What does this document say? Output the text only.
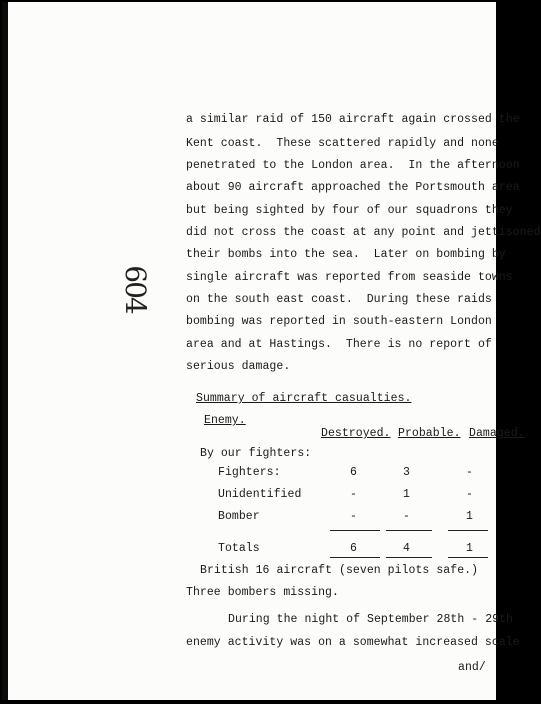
604
a similar raid of 150 aircraft again crossed the
Kent coast.  These scattered rapidly and none
penetrated to the London area.  In the afternoon
about 90 aircraft approached the Portsmouth area
but being sighted by four of our squadrons they
did not cross the coast at any point and jettisoned
their bombs into the sea.  Later on bombing by
single aircraft was reported from seaside towns
on the south east coast.  During these raids
bombing was reported in south-eastern London
area and at Hastings.  There is no report of
serious damage.
Summary of aircraft casualties.
Enemy.
Destroyed. Probable. Damaged.
By our fighters:
Fighters:	6	3	-
Unidentified	-	1	-
Bomber	-	-	1
Totals	6	4	1
British 16 aircraft (seven pilots safe.)
Three bombers missing.
During the night of September 28th - 29th
enemy activity was on a somewhat increased scale
and/
